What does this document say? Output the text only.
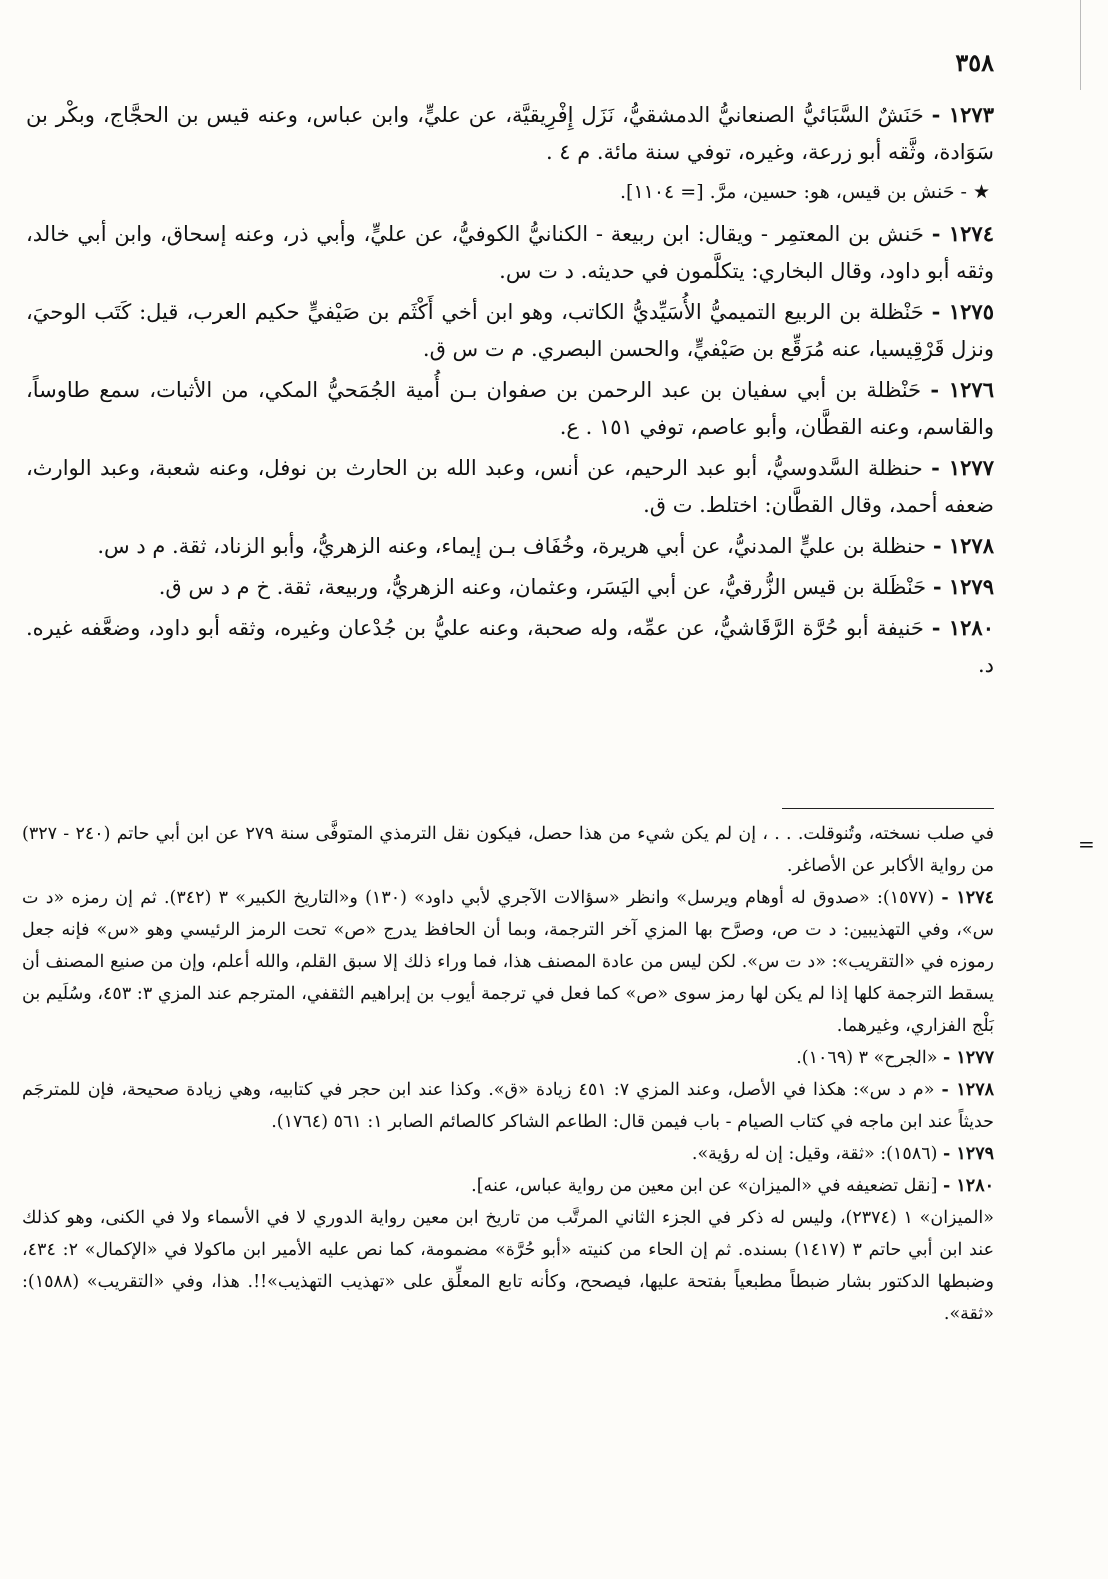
٣٥٨

١٢٧٣ - حَنَشٌ السَّبَائيُّ الصنعانيُّ الدمشقيُّ، نَزَل إِفْرِيقيَّة، عن عليٍّ، وابن عباس، وعنه قيس بن الحجَّاج، وبكْر بن سَوَادة، وثَّقه أبو زرعة، وغيره، توفي سنة مائة. م ٤ .

★ - حَنش بن قيس، هو: حسين، مرَّ. [= ١١٠٤].

١٢٧٤ - حَنش بن المعتمِر - ويقال: ابن ربيعة - الكنانيُّ الكوفيُّ، عن عليٍّ، وأبي ذر، وعنه إسحاق، وابن أبي خالد، وثقه أبو داود، وقال البخاري: يتكلَّمون في حديثه. د ت س.

١٢٧٥ - حَنْظلة بن الربيع التميميُّ الأُسَيِّديُّ الكاتب، وهو ابن أخي أَكْثَم بن صَيْفيٍّ حكيم العرب، قيل: كَتَب الوحيَ، ونزل قَرْقِيسيا، عنه مُرَقِّع بن صَيْفيٍّ، والحسن البصري. م ت س ق.

١٢٧٦ - حَنْظلة بن أبي سفيان بن عبد الرحمن بن صفوان بـن أُمية الجُمَحيُّ المكي، من الأثبات، سمع طاوساً، والقاسم، وعنه القطَّان، وأبو عاصم، توفي ١٥١ . ع.

١٢٧٧ - حنظلة السَّدوسيُّ، أبو عبد الرحيم، عن أنس، وعبد الله بن الحارث بن نوفل، وعنه شعبة، وعبد الوارث، ضعفه أحمد، وقال القطَّان: اختلط. ت ق.

١٢٧٨ - حنظلة بن عليٍّ المدنيُّ، عن أبي هريرة، وخُفَاف بـن إيماء، وعنه الزهريُّ، وأبو الزناد، ثقة. م د س.

١٢٧٩ - حَنْظَلة بن قيس الزُّرقيُّ، عن أبي اليَسَر، وعثمان، وعنه الزهريُّ، وربيعة، ثقة. خ م د س ق.

١٢٨٠ - حَنيفة أبو حُرَّة الرَّقَاشيُّ، عن عمِّه، وله صحبة، وعنه عليُّ بن جُدْعان وغيره، وثقه أبو داود، وضعَّفه غيره. د.

=

في صلب نسخته، وتُنوقلت. . . ، إن لم يكن شيء من هذا حصل، فيكون نقل الترمذي المتوفَّى سنة ٢٧٩ عن ابن أبي حاتم (٢٤٠ - ٣٢٧) من رواية الأكابر عن الأصاغر.

١٢٧٤ - (١٥٧٧): «صدوق له أوهام ويرسل» وانظر «سؤالات الآجري لأبي داود» (١٣٠) و«التاريخ الكبير» ٣ (٣٤٢). ثم إن رمزه «د ت س»، وفي التهذيبين: د ت ص، وصرَّح بها المزي آخر الترجمة، وبما أن الحافظ يدرج «ص» تحت الرمز الرئيسي وهو «س» فإنه جعل رموزه في «التقريب»: «د ت س». لكن ليس من عادة المصنف هذا، فما وراء ذلك إلا سبق القلم، والله أعلم، وإن من صنيع المصنف أن يسقط الترجمة كلها إذا لم يكن لها رمز سوى «ص» كما فعل في ترجمة أيوب بن إبراهيم الثقفي، المترجم عند المزي ٣: ٤٥٣، وسُلَيم بن بَلْج الفزاري، وغيرهما.

١٢٧٧ - «الجرح» ٣ (١٠٦٩).

١٢٧٨ - «م د س»: هكذا في الأصل، وعند المزي ٧: ٤٥١ زيادة «ق». وكذا عند ابن حجر في كتابيه، وهي زيادة صحيحة، فإن للمترجَم حديثاً عند ابن ماجه في كتاب الصيام - باب فيمن قال: الطاعم الشاكر كالصائم الصابر ١: ٥٦١ (١٧٦٤).

١٢٧٩ - (١٥٨٦): «ثقة، وقيل: إن له رؤية».

١٢٨٠ - [نقل تضعيفه في «الميزان» عن ابن معين من رواية عباس، عنه].

«الميزان» ١ (٢٣٧٤)، وليس له ذكر في الجزء الثاني المرتَّب من تاريخ ابن معين رواية الدوري لا في الأسماء ولا في الكنى، وهو كذلك عند ابن أبي حاتم ٣ (١٤١٧) بسنده. ثم إن الحاء من كنيته «أبو حُرَّة» مضمومة، كما نص عليه الأمير ابن ماكولا في «الإكمال» ٢: ٤٣٤، وضبطها الدكتور بشار ضبطاً مطبعياً بفتحة عليها، فيصحح، وكأنه تابع المعلِّق على «تهذيب التهذيب»!!. هذا، وفي «التقريب» (١٥٨٨): «ثقة».
